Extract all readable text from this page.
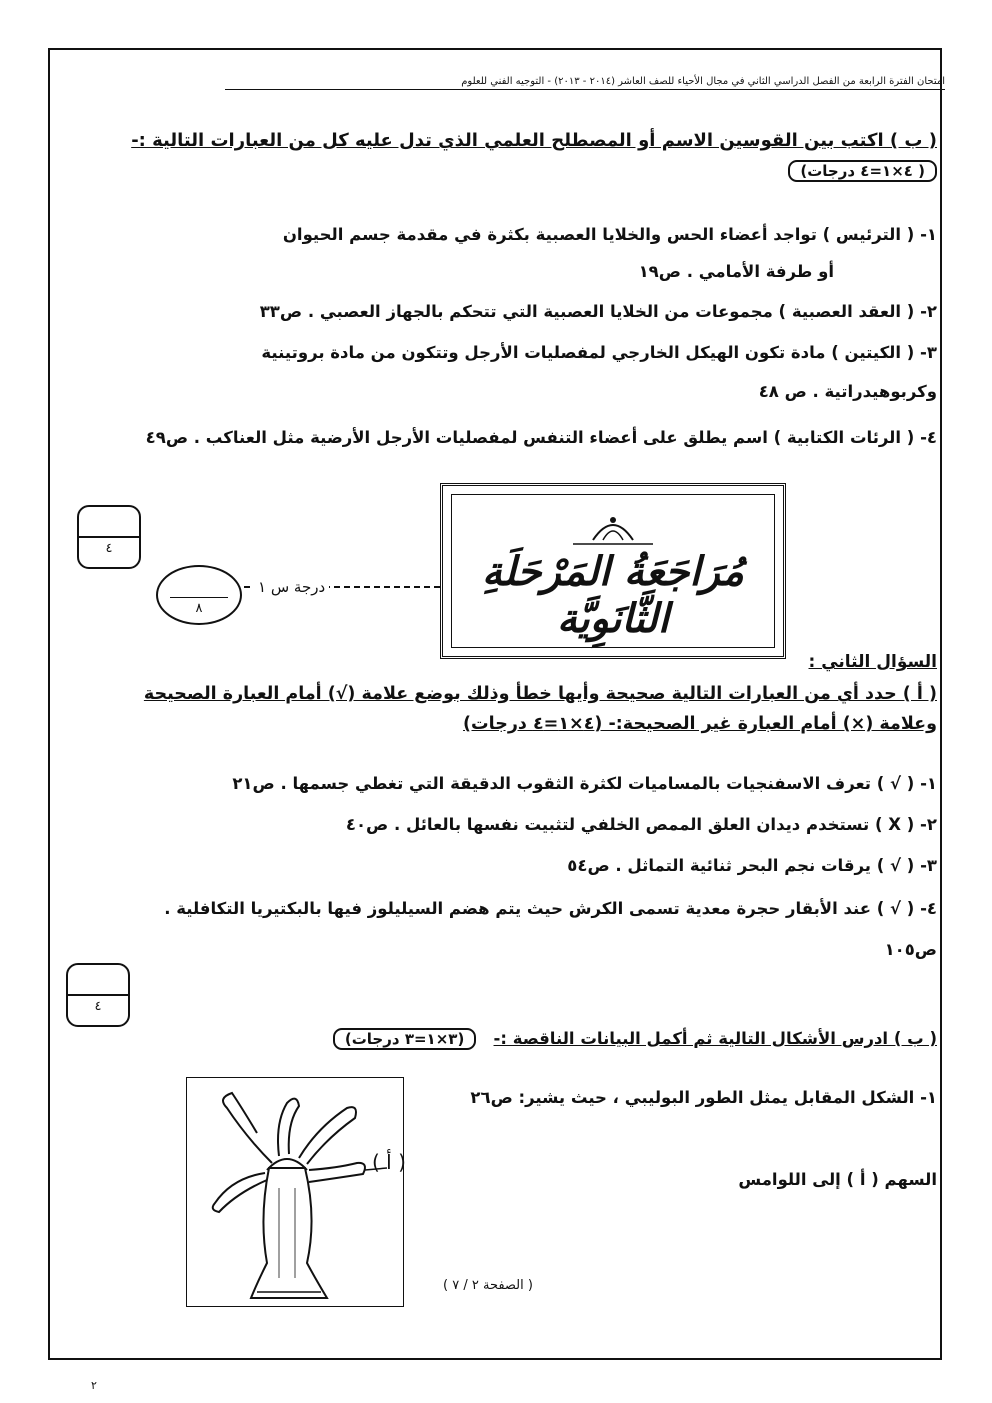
امتحان الفترة الرابعة من الفصل الدراسي الثاني في مجال الأحياء للصف العاشر (٢٠١٤ - ٢٠١٣) - التوجيه الفني للعلوم
( ب ) اكتب بين القوسين الاسم أو المصطلح العلمي الذي تدل عليه كل من العبارات التالية :-
( ٤×١=٤ درجات)
١- ( الترئيس ) تواجد أعضاء الحس والخلايا العصبية بكثرة في مقدمة جسم الحيوان
أو طرفة الأمامي . ص١٩
٢- ( العقد العصبية ) مجموعات من الخلايا العصبية التي تتحكم بالجهاز العصبي . ص٣٣
٣- ( الكيتين ) مادة تكون الهيكل الخارجي لمفصليات الأرجل وتتكون من مادة بروتينية
وكربوهيدراتية . ص ٤٨
٤- ( الرئات الكتابية ) اسم يطلق على أعضاء التنفس لمفصليات الأرجل الأرضية مثل العناكب . ص٤٩
٤
٨
درجة س ١	مُرَاجَعَةُ المَرْحَلَةِ الثَّانَوِيَّة
السؤال الثاني :
( أ ) حدد أي من العبارات التالية صحيحة وأيها خطأ وذلك بوضع علامة (√) أمام العبارة الصحيحة
وعلامة (×) أمام العبارة غير الصحيحة:- (٤×١=٤ درجات)
١- ( √ ) تعرف الاسفنجيات بالمساميات لكثرة الثقوب الدقيقة التي تغطي جسمها . ص٢١
٢- ( X ) تستخدم ديدان العلق الممص الخلفي لتثبيت نفسها بالعائل . ص٤٠
٣- ( √ ) يرقات نجم البحر ثنائية التماثل . ص٥٤
٤- ( √ ) عند الأبقار حجرة معدية تسمى الكرش حيث يتم هضم السيليلوز فيها بالبكتيريا التكافلية .
ص١٠٥
٤
( ب ) ادرس الأشكال التالية ثم أكمل البيانات الناقصة :-   (٣×١=٣ درجات)
١- الشكل المقابل يمثل الطور البوليبي ، حيث يشير: ص٢٦
السهم ( أ ) إلى اللوامس
( أ )
( الصفحة ٢ / ٧ )
٢
